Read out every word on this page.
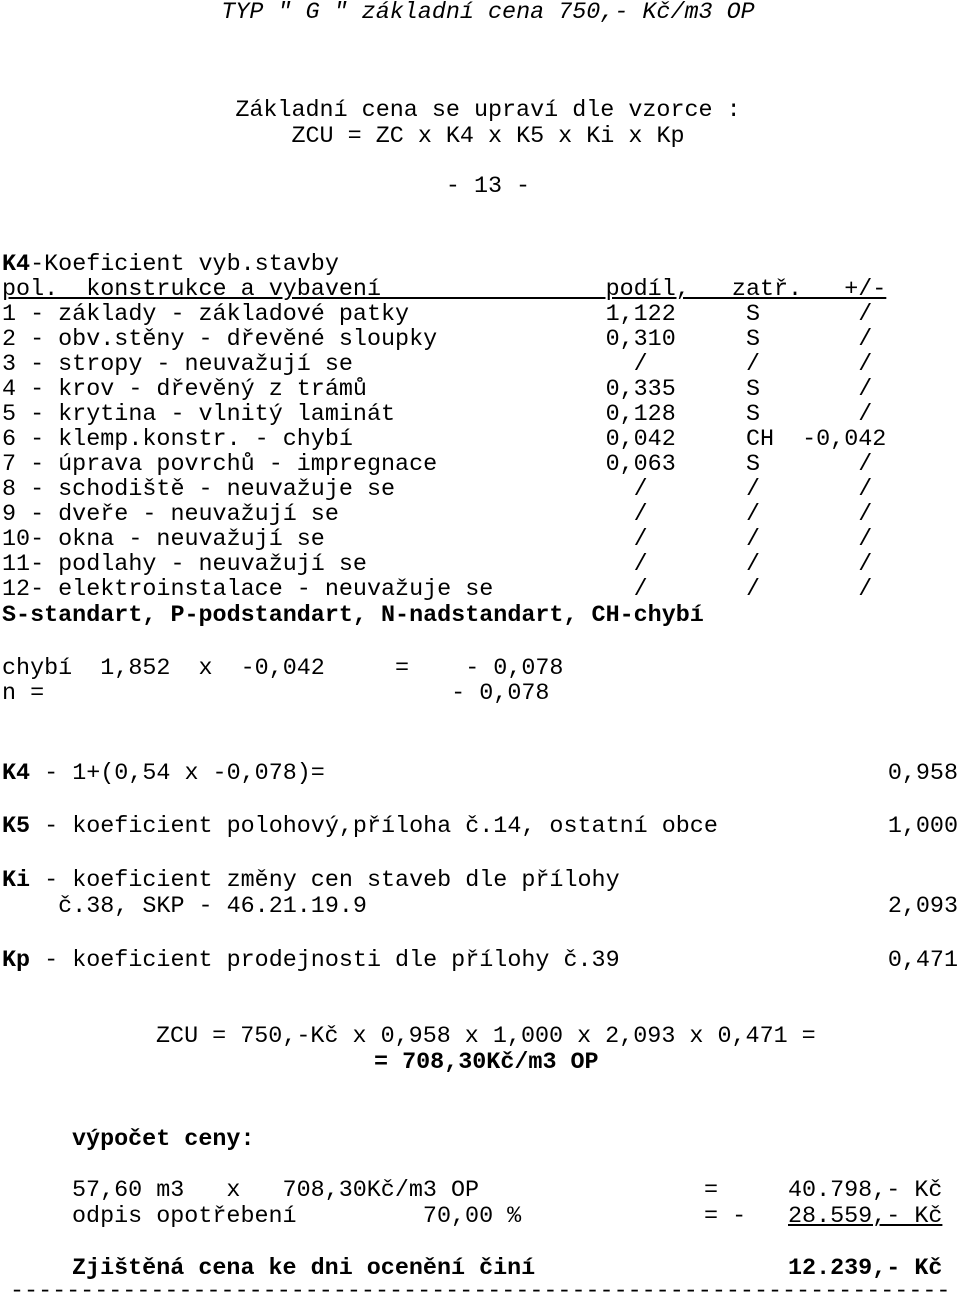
TYP " G " základní cena 750,- Kč/m3 OP
Základní cena se upraví dle vzorce :
ZCU = ZC x K4 x K5 x Ki x Kp
- 13 -
K4-Koeficient vyb.stavby
pol.  konstrukce a vybavení                podíl,   zatř.   +/-
1 - základy - základové patky              1,122     S       /
2 - obv.stěny - dřevěné sloupky            0,310     S       /
3 - stropy - neuvažují se                    /       /       /
4 - krov - dřevěný z trámů                 0,335     S       /
5 - krytina - vlnitý laminát               0,128     S       /
6 - klemp.konstr. - chybí                  0,042     CH  -0,042
7 - úprava povrchů - impregnace            0,063     S       /
8 - schodiště - neuvažuje se                 /       /       /
9 - dveře - neuvažují se                     /       /       /
10- okna - neuvažují se                      /       /       /
11- podlahy - neuvažují se                   /       /       /
12- elektroinstalace - neuvažuje se          /       /       /
S-standart, P-podstandart, N-nadstandart, CH-chybí
chybí  1,852  x  -0,042     =    - 0,078
n =                             - 0,078
K4 - 1+(0,54 x -0,078)=	0,958
K5 - koeficient polohový,příloha č.14, ostatní obce	1,000
Ki - koeficient změny cen staveb dle přílohy
č.38, SKP - 46.21.19.9	2,093
Kp - koeficient prodejnosti dle přílohy č.39	0,471
ZCU = 750,-Kč x 0,958 x 1,000 x 2,093 x 0,471 =
= 708,30Kč/m3 OP
výpočet ceny:
57,60 m3   x   708,30Kč/m3 OP	=	40.798,- Kč
odpis opotřebení         70,00 %	= - 28.559,- Kč
Zjištěná cena ke dni ocenění činí	12.239,- Kč
-------------------------------------------------------------------
